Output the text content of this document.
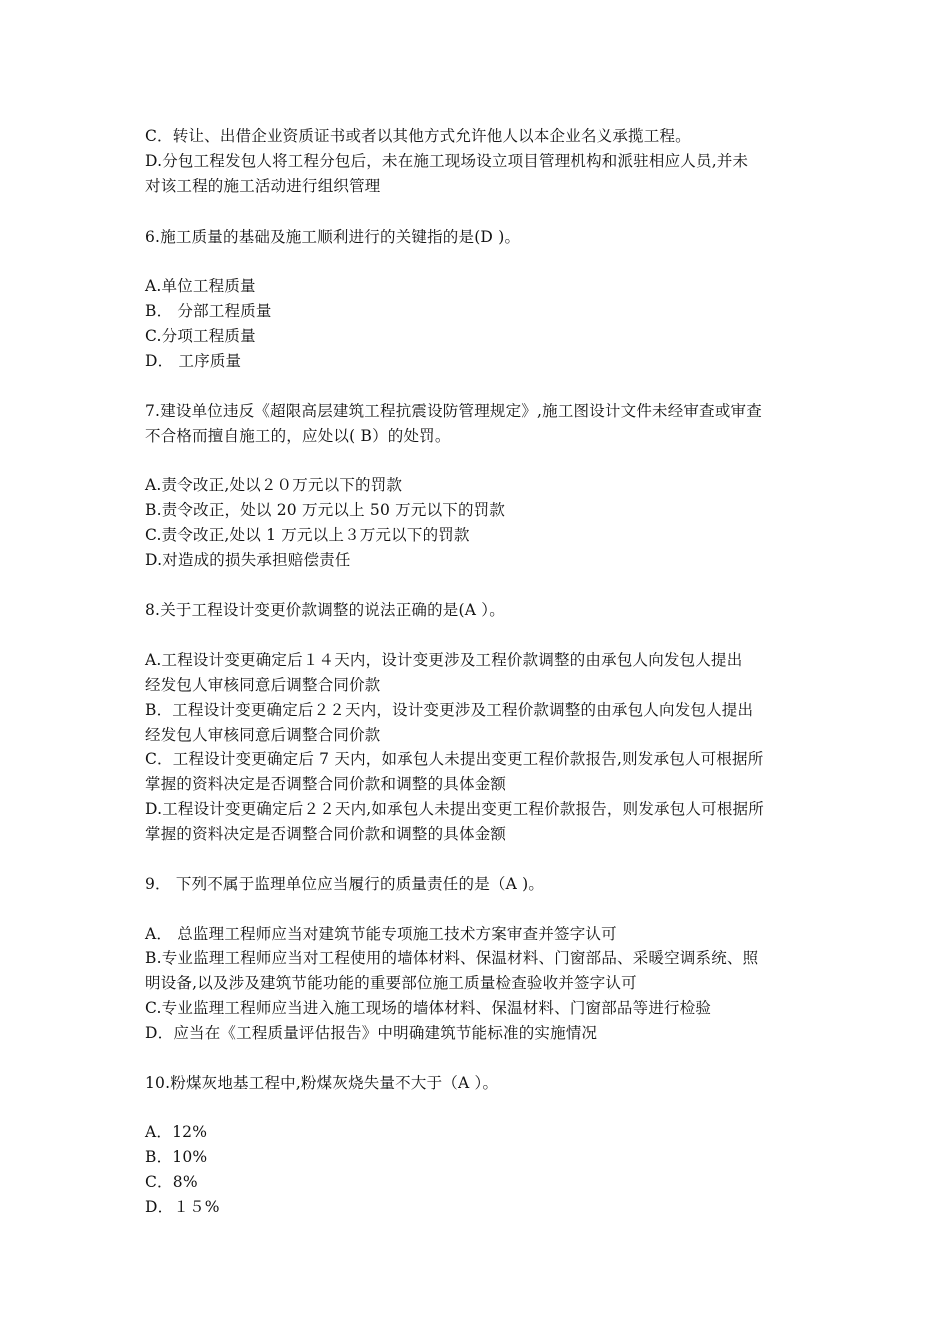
C．转让、出借企业资质证书或者以其他方式允许他人以本企业名义承揽工程。
D.分包工程发包人将工程分包后，未在施工现场设立项目管理机构和派驻相应人员,并未
对该工程的施工活动进行组织管理
6.施工质量的基础及施工顺利进行的关键指的是(D )。
A.单位工程质量
B． 分部工程质量
C.分项工程质量
D． 工序质量
7.建设单位违反《超限高层建筑工程抗震设防管理规定》,施工图设计文件未经审查或审查
不合格而擅自施工的，应处以( B）的处罚。
A.责令改正,处以２０万元以下的罚款
B.责令改正，处以 20 万元以上 50 万元以下的罚款
C.责令改正,处以 1 万元以上３万元以下的罚款
D.对造成的损失承担赔偿责任
8.关于工程设计变更价款调整的说法正确的是(A ）。
A.工程设计变更确定后１４天内，设计变更涉及工程价款调整的由承包人向发包人提出
经发包人审核同意后调整合同价款
B．工程设计变更确定后２２天内，设计变更涉及工程价款调整的由承包人向发包人提出
经发包人审核同意后调整合同价款
C．工程设计变更确定后 7 天内，如承包人未提出变更工程价款报告,则发承包人可根据所
掌握的资料决定是否调整合同价款和调整的具体金额
D.工程设计变更确定后２２天内,如承包人未提出变更工程价款报告，则发承包人可根据所
掌握的资料决定是否调整合同价款和调整的具体金额
9． 下列不属于监理单位应当履行的质量责任的是（A )。
A． 总监理工程师应当对建筑节能专项施工技术方案审查并签字认可
B.专业监理工程师应当对工程使用的墙体材料、保温材料、门窗部品、采暖空调系统、照
明设备,以及涉及建筑节能功能的重要部位施工质量检查验收并签字认可
C.专业监理工程师应当进入施工现场的墙体材料、保温材料、门窗部品等进行检验
D．应当在《工程质量评估报告》中明确建筑节能标准的实施情况
10.粉煤灰地基工程中,粉煤灰烧失量不大于（A ）。
A．12%
B．10%
C．8%
D．１５%
